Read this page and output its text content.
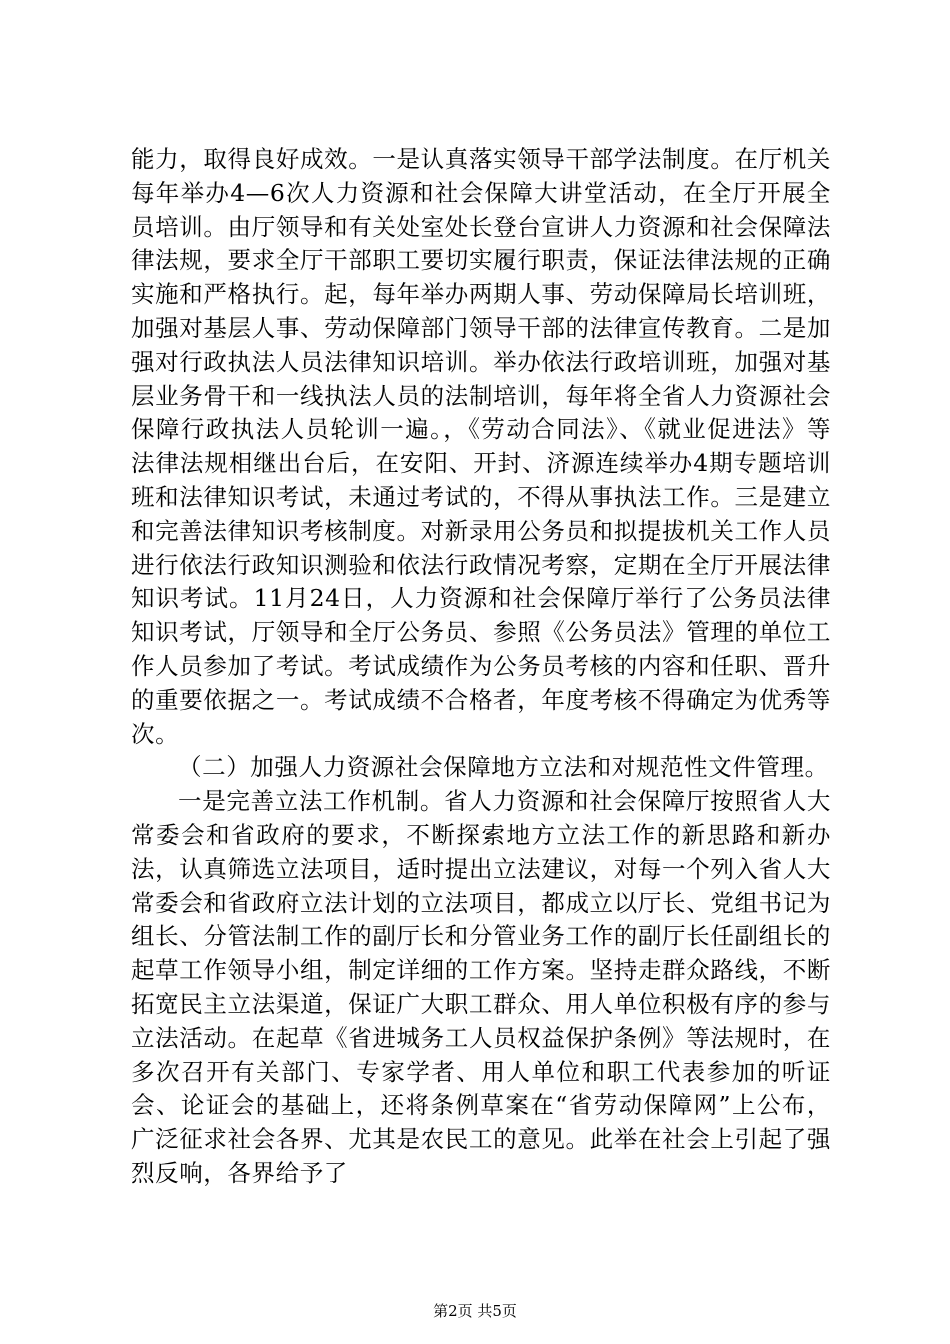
能力，取得良好成效。一是认真落实领导干部学法制度。在厅机关每年举办4—6次人力资源和社会保障大讲堂活动，在全厅开展全员培训。由厅领导和有关处室处长登台宣讲人力资源和社会保障法律法规，要求全厅干部职工要切实履行职责，保证法律法规的正确实施和严格执行。起，每年举办两期人事、劳动保障局长培训班，加强对基层人事、劳动保障部门领导干部的法律宣传教育。二是加强对行政执法人员法律知识培训。举办依法行政培训班，加强对基层业务骨干和一线执法人员的法制培训，每年将全省人力资源社会保障行政执法人员轮训一遍。，《劳动合同法》、《就业促进法》等法律法规相继出台后，在安阳、开封、济源连续举办4期专题培训班和法律知识考试，未通过考试的，不得从事执法工作。三是建立和完善法律知识考核制度。对新录用公务员和拟提拔机关工作人员进行依法行政知识测验和依法行政情况考察，定期在全厅开展法律知识考试。11月24日，人力资源和社会保障厅举行了公务员法律知识考试，厅领导和全厅公务员、参照《公务员法》管理的单位工作人员参加了考试。考试成绩作为公务员考核的内容和任职、晋升的重要依据之一。考试成绩不合格者，年度考核不得确定为优秀等次。

（二）加强人力资源社会保障地方立法和对规范性文件管理。

一是完善立法工作机制。省人力资源和社会保障厅按照省人大常委会和省政府的要求，不断探索地方立法工作的新思路和新办法，认真筛选立法项目，适时提出立法建议，对每一个列入省人大常委会和省政府立法计划的立法项目，都成立以厅长、党组书记为组长、分管法制工作的副厅长和分管业务工作的副厅长任副组长的起草工作领导小组，制定详细的工作方案。坚持走群众路线，不断拓宽民主立法渠道，保证广大职工群众、用人单位积极有序的参与立法活动。在起草《省进城务工人员权益保护条例》等法规时，在多次召开有关部门、专家学者、用人单位和职工代表参加的听证会、论证会的基础上，还将条例草案在“省劳动保障网”上公布，广泛征求社会各界、尤其是农民工的意见。此举在社会上引起了强烈反响，各界给予了

第2页 共5页
